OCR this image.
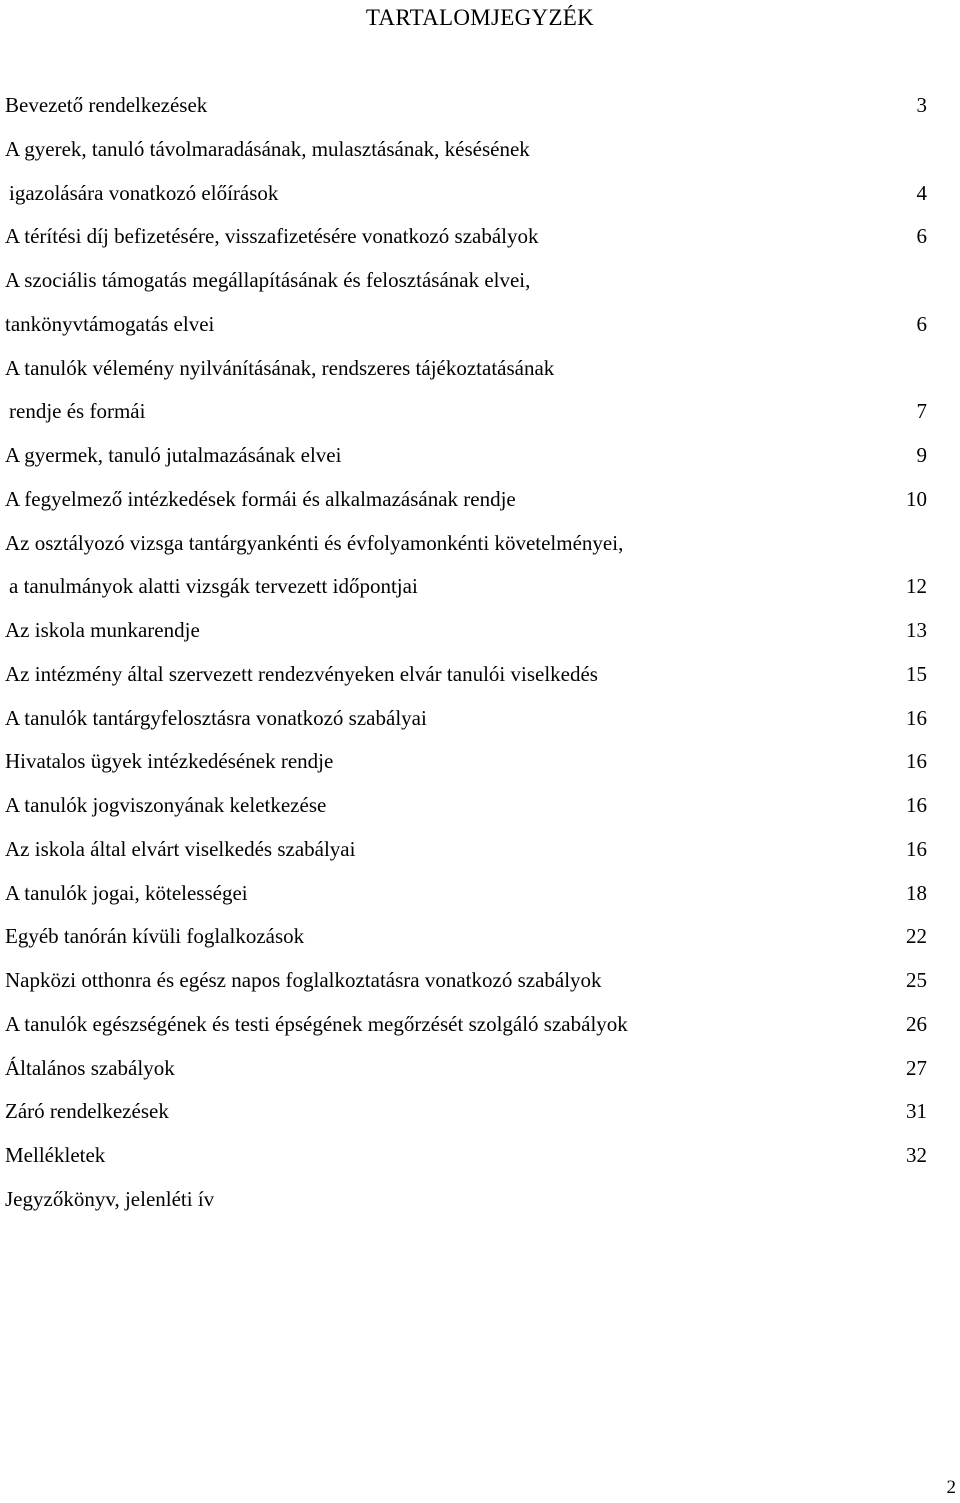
TARTALOMJEGYZÉK
Bevezető rendelkezések	3
A gyerek, tanuló távolmaradásának, mulasztásának, késésének
igazolására vonatkozó előírások	4
A térítési díj befizetésére, visszafizetésére vonatkozó szabályok	6
A szociális támogatás megállapításának és felosztásának elvei,
tankönyvtámogatás elvei	6
A tanulók vélemény nyilvánításának, rendszeres tájékoztatásának
rendje és formái	7
A gyermek, tanuló jutalmazásának elvei	9
A fegyelmező intézkedések formái és alkalmazásának rendje	10
Az osztályozó vizsga tantárgyankénti és évfolyamonkénti követelményei,
a tanulmányok alatti vizsgák tervezett időpontjai	12
Az iskola munkarendje	13
Az intézmény által szervezett rendezvényeken elvár tanulói viselkedés	15
A tanulók tantárgyfelosztásra vonatkozó szabályai	16
Hivatalos ügyek intézkedésének rendje	16
A tanulók jogviszonyának keletkezése	16
Az iskola által elvárt viselkedés szabályai	16
A tanulók jogai, kötelességei	18
Egyéb tanórán kívüli foglalkozások	22
Napközi otthonra és egész napos foglalkoztatásra vonatkozó szabályok	25
A tanulók egészségének és testi épségének megőrzését szolgáló szabályok	26
Általános szabályok	27
Záró rendelkezések	31
Mellékletek	32
Jegyzőkönyv, jelenléti ív
2
